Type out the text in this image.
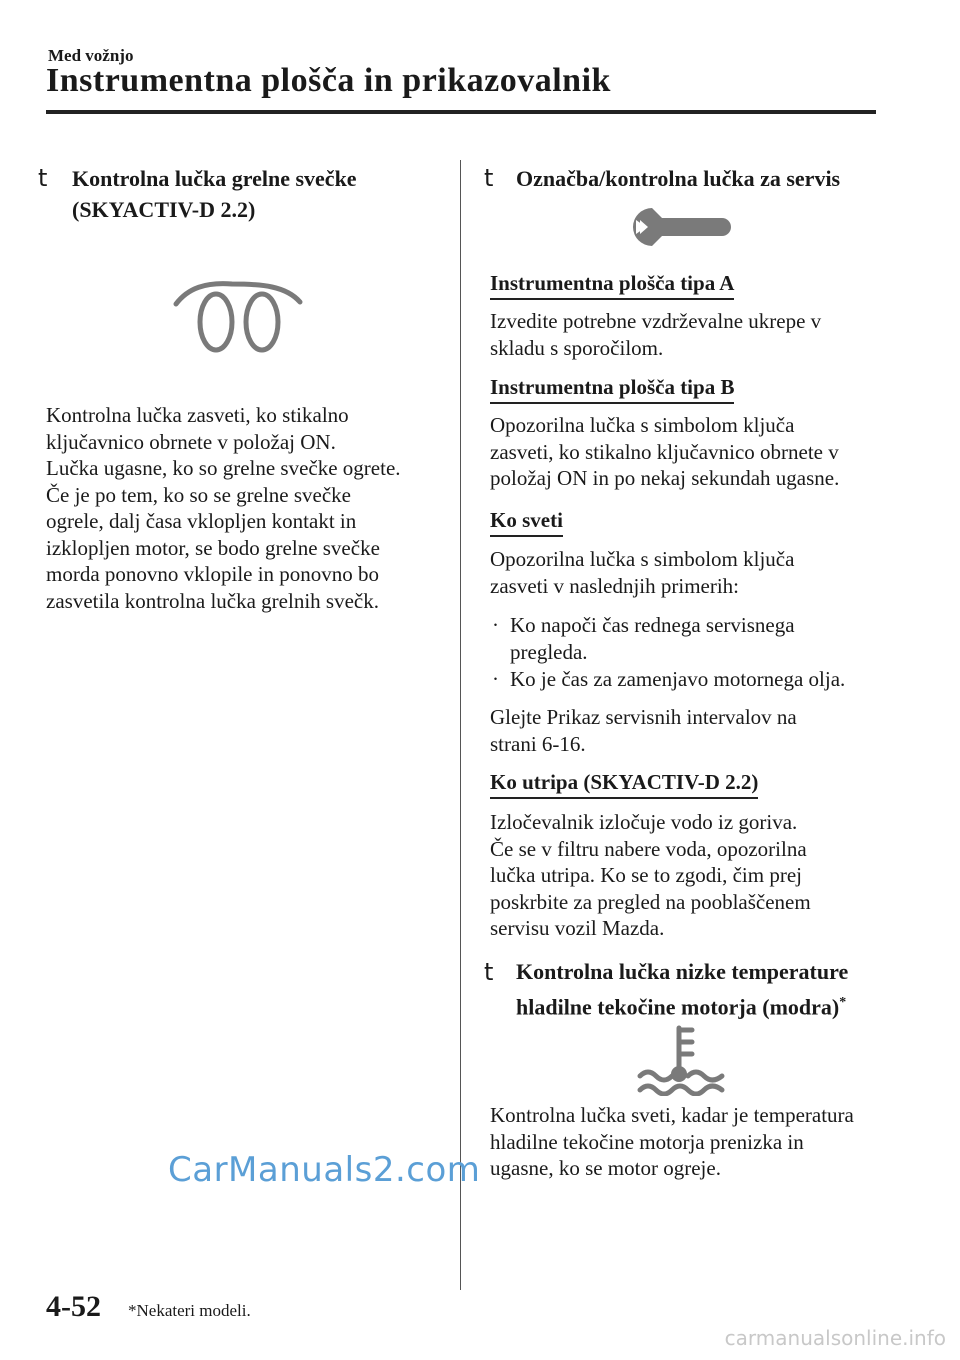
Med vožnjo
Instrumentna plošča in prikazovalnik
t Kontrolna lučka grelne svečke
(SKYACTIV-D 2.2)
Kontrolna lučka zasveti, ko stikalno
ključavnico obrnete v položaj ON.
Lučka ugasne, ko so grelne svečke ogrete.
Če je po tem, ko so se grelne svečke
ogrele, dalj časa vklopljen kontakt in
izklopljen motor, se bodo grelne svečke
morda ponovno vklopile in ponovno bo
zasvetila kontrolna lučka grelnih svečk.
t Označba/kontrolna lučka za servis
Instrumentna plošča tipa A
Izvedite potrebne vzdrževalne ukrepe v
skladu s sporočilom.
Instrumentna plošča tipa B
Opozorilna lučka s simbolom ključa
zasveti, ko stikalno ključavnico obrnete v
položaj ON in po nekaj sekundah ugasne.
Ko sveti
Opozorilna lučka s simbolom ključa
zasveti v naslednjih primerih:
· Ko napoči čas rednega servisnega
pregleda.
· Ko je čas za zamenjavo motornega olja.
Glejte Prikaz servisnih intervalov na
strani 6-16.
Ko utripa (SKYACTIV-D 2.2)
Izločevalnik izločuje vodo iz goriva.
Če se v filtru nabere voda, opozorilna
lučka utripa. Ko se to zgodi, čim prej
poskrbite za pregled na pooblaščenem
servisu vozil Mazda.
t Kontrolna lučka nizke temperature
hladilne tekočine motorja (modra)*
Kontrolna lučka sveti, kadar je temperatura
hladilne tekočine motorja prenizka in
ugasne, ko se motor ogreje.
4-52 *Nekateri modeli.
CarManuals2.com
carmanualsonline.info
